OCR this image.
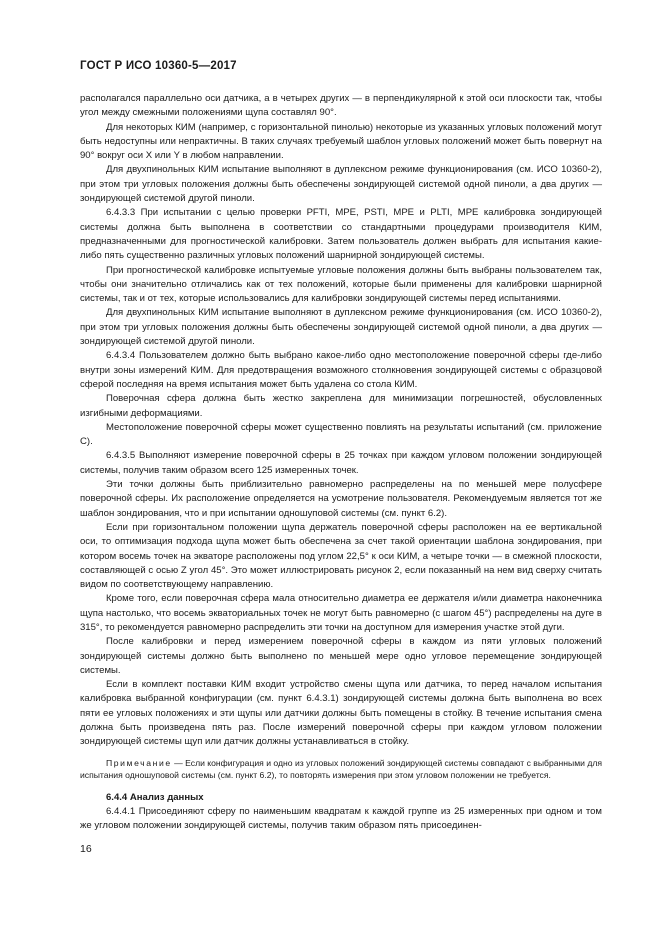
ГОСТ Р ИСО 10360-5—2017

располагался параллельно оси датчика, а в четырех других — в перпендикулярной к этой оси плоскости так, чтобы угол между смежными положениями щупа составлял 90°.

Для некоторых КИМ (например, с горизонтальной пинолью) некоторые из указанных угловых положений могут быть недоступны или непрактичны. В таких случаях требуемый шаблон угловых положений может быть повернут на 90° вокруг оси X или Y в любом направлении.

Для двухпинольных КИМ испытание выполняют в дуплексном режиме функционирования (см. ИСО 10360-2), при этом три угловых положения должны быть обеспечены зондирующей системой одной пиноли, а два других — зондирующей системой другой пиноли.

6.4.3.3 При испытании с целью проверки PFTI, MPE, PSTI, MPE и PLTI, MPE калибровка зондирующей системы должна быть выполнена в соответствии со стандартными процедурами производителя КИМ, предназначенными для прогностической калибровки. Затем пользователь должен выбрать для испытания какие-либо пять существенно различных угловых положений шарнирной зондирующей системы.

При прогностической калибровке испытуемые угловые положения должны быть выбраны пользователем так, чтобы они значительно отличались как от тех положений, которые были применены для калибровки шарнирной системы, так и от тех, которые использовались для калибровки зондирующей системы перед испытаниями.

Для двухпинольных КИМ испытание выполняют в дуплексном режиме функционирования (см. ИСО 10360-2), при этом три угловых положения должны быть обеспечены зондирующей системой одной пиноли, а два других — зондирующей системой другой пиноли.

6.4.3.4 Пользователем должно быть выбрано какое-либо одно местоположение поверочной сферы где-либо внутри зоны измерений КИМ. Для предотвращения возможного столкновения зондирующей системы с образцовой сферой последняя на время испытания может быть удалена со стола КИМ.

Поверочная сфера должна быть жестко закреплена для минимизации погрешностей, обусловленных изгибными деформациями.

Местоположение поверочной сферы может существенно повлиять на результаты испытаний (см. приложение С).

6.4.3.5 Выполняют измерение поверочной сферы в 25 точках при каждом угловом положении зондирующей системы, получив таким образом всего 125 измеренных точек.

Эти точки должны быть приблизительно равномерно распределены на по меньшей мере полусфере поверочной сферы. Их расположение определяется на усмотрение пользователя. Рекомендуемым является тот же шаблон зондирования, что и при испытании одношуповой системы (см. пункт 6.2).

Если при горизонтальном положении щупа держатель поверочной сферы расположен на ее вертикальной оси, то оптимизация подхода щупа может быть обеспечена за счет такой ориентации шаблона зондирования, при котором восемь точек на экваторе расположены под углом 22,5° к оси КИМ, а четыре точки — в смежной плоскости, составляющей с осью Z угол 45°. Это может иллюстрировать рисунок 2, если показанный на нем вид сверху считать видом по соответствующему направлению.

Кроме того, если поверочная сфера мала относительно диаметра ее держателя и/или диаметра наконечника щупа настолько, что восемь экваториальных точек не могут быть равномерно (с шагом 45°) распределены на дуге в 315°, то рекомендуется равномерно распределить эти точки на доступном для измерения участке этой дуги.

После калибровки и перед измерением поверочной сферы в каждом из пяти угловых положений зондирующей системы должно быть выполнено по меньшей мере одно угловое перемещение зондирующей системы.

Если в комплект поставки КИМ входит устройство смены щупа или датчика, то перед началом испытания калибровка выбранной конфигурации (см. пункт 6.4.3.1) зондирующей системы должна быть выполнена во всех пяти ее угловых положениях и эти щупы или датчики должны быть помещены в стойку. В течение испытания смена должна быть произведена пять раз. После измерений поверочной сферы при каждом угловом положении зондирующей системы щуп или датчик должны устанавливаться в стойку.

Примечание — Если конфигурация и одно из угловых положений зондирующей системы совпадают с выбранными для испытания одношуповой системы (см. пункт 6.2), то повторять измерения при этом угловом положении не требуется.

6.4.4 Анализ данных

6.4.4.1 Присоединяют сферу по наименьшим квадратам к каждой группе из 25 измеренных при одном и том же угловом положении зондирующей системы, получив таким образом пять присоединен-

16
